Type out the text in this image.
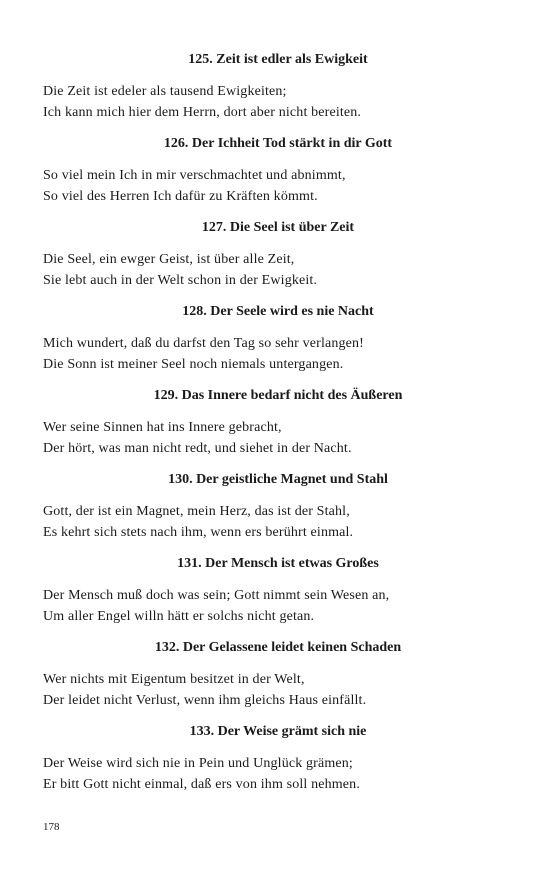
125. Zeit ist edler als Ewigkeit

Die Zeit ist edeler als tausend Ewigkeiten;
Ich kann mich hier dem Herrn, dort aber nicht bereiten.

126. Der Ichheit Tod stärkt in dir Gott

So viel mein Ich in mir verschmachtet und abnimmt,
So viel des Herren Ich dafür zu Kräften kömmt.

127. Die Seel ist über Zeit

Die Seel, ein ewger Geist, ist über alle Zeit,
Sie lebt auch in der Welt schon in der Ewigkeit.

128. Der Seele wird es nie Nacht

Mich wundert, daß du darfst den Tag so sehr verlangen!
Die Sonn ist meiner Seel noch niemals untergangen.

129. Das Innere bedarf nicht des Äußeren

Wer seine Sinnen hat ins Innere gebracht,
Der hört, was man nicht redt, und siehet in der Nacht.

130. Der geistliche Magnet und Stahl

Gott, der ist ein Magnet, mein Herz, das ist der Stahl,
Es kehrt sich stets nach ihm, wenn ers berührt einmal.

131. Der Mensch ist etwas Großes

Der Mensch muß doch was sein; Gott nimmt sein Wesen an,
Um aller Engel willn hätt er solchs nicht getan.

132. Der Gelassene leidet keinen Schaden

Wer nichts mit Eigentum besitzet in der Welt,
Der leidet nicht Verlust, wenn ihm gleichs Haus einfällt.

133. Der Weise grämt sich nie

Der Weise wird sich nie in Pein und Unglück grämen;
Er bitt Gott nicht einmal, daß ers von ihm soll nehmen.

178
